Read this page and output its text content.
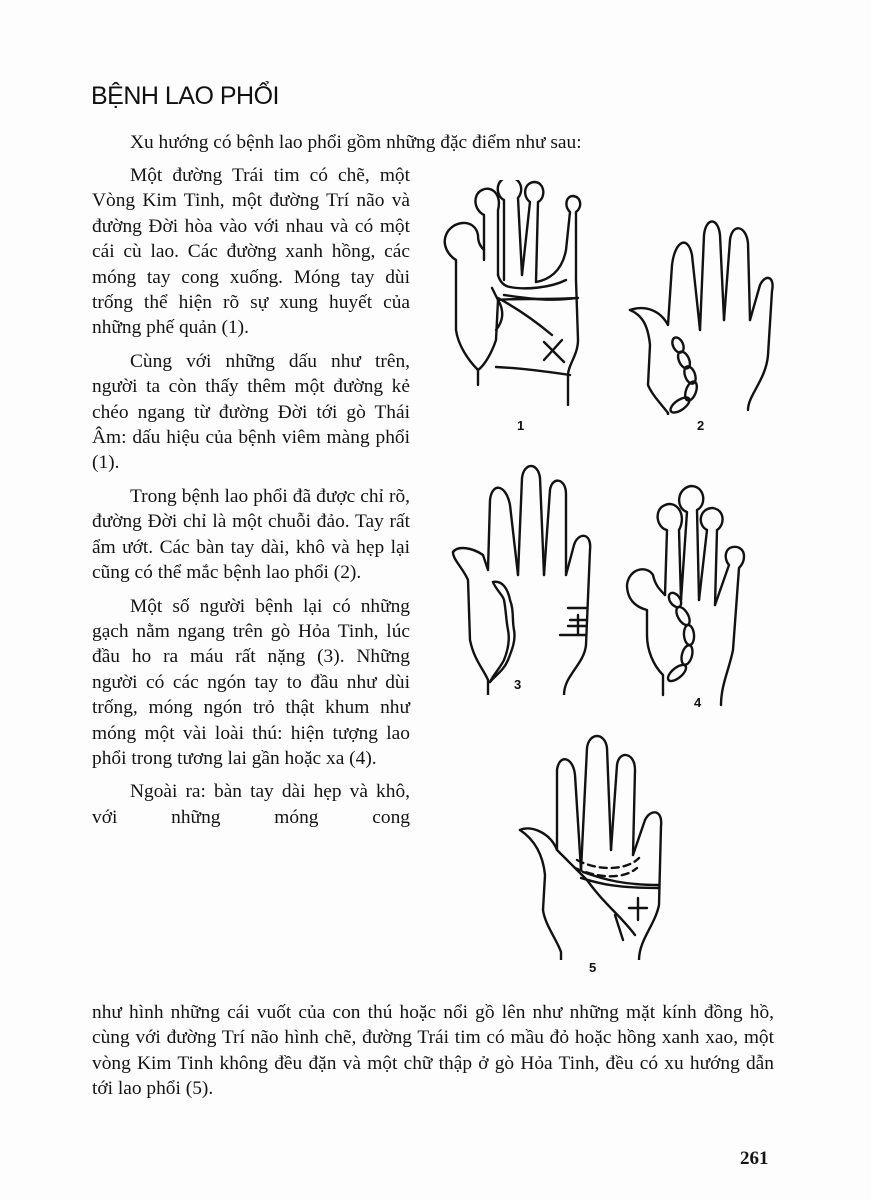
BỆNH LAO PHỔI
Xu hướng có bệnh lao phổi gồm những đặc điểm như sau:

Một đường Trái tim có chẽ, một Vòng Kim Tinh, một đường Trí não và đường Đời hòa vào với nhau và có một cái cù lao. Các đường xanh hồng, các móng tay cong xuống. Móng tay dùi trống thể hiện rõ sự xung huyết của những phế quản (1).

Cùng với những dấu như trên, người ta còn thấy thêm một đường kẻ chéo ngang từ đường Đời tới gò Thái Âm: dấu hiệu của bệnh viêm màng phổi (1).

Trong bệnh lao phổi đã được chỉ rõ, đường Đời chỉ là một chuỗi đảo. Tay rất ẩm ướt. Các bàn tay dài, khô và hẹp lại cũng có thể mắc bệnh lao phổi (2).

Một số người bệnh lại có những gạch nằm ngang trên gò Hỏa Tinh, lúc đầu ho ra máu rất nặng (3). Những người có các ngón tay to đầu như dùi trống, móng ngón trỏ thật khum như móng một vài loài thú: hiện tượng lao phổi trong tương lai gần hoặc xa (4).

Ngoài ra: bàn tay dài hẹp và khô, với những móng cong

như hình những cái vuốt của con thú hoặc nổi gồ lên như những mặt kính đồng hồ, cùng với đường Trí não hình chẽ, đường Trái tim có mầu đỏ hoặc hồng xanh xao, một vòng Kim Tinh không đều đặn và một chữ thập ở gò Hỏa Tinh, đều có xu hướng dẫn tới lao phổi (5).

1	2
3
4
5
261
